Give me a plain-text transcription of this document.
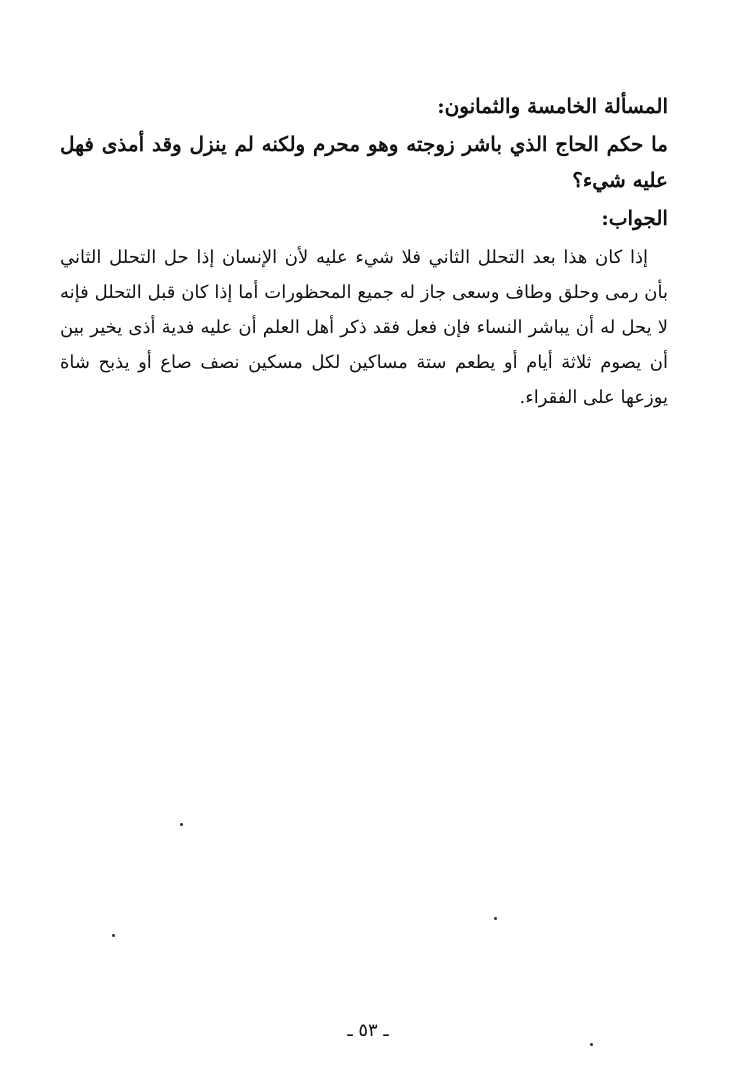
المسألة الخامسة والثمانون:

ما حكم الحاج الذي باشر زوجته وهو محرم ولكنه لم ينزل وقد أمذى فهل عليه شيء؟

الجواب:

إذا كان هذا بعد التحلل الثاني فلا شيء عليه لأن الإنسان إذا حل التحلل الثاني بأن رمى وحلق وطاف وسعى جاز له جميع المحظورات أما إذا كان قبل التحلل فإنه لا يحل له أن يباشر النساء فإن فعل فقد ذكر أهل العلم أن عليه فدية أذى يخير بين أن يصوم ثلاثة أيام أو يطعم ستة مساكين لكل مسكين نصف صاع أو يذبح شاة يوزعها على الفقراء.

ـ ٥٣ ـ
